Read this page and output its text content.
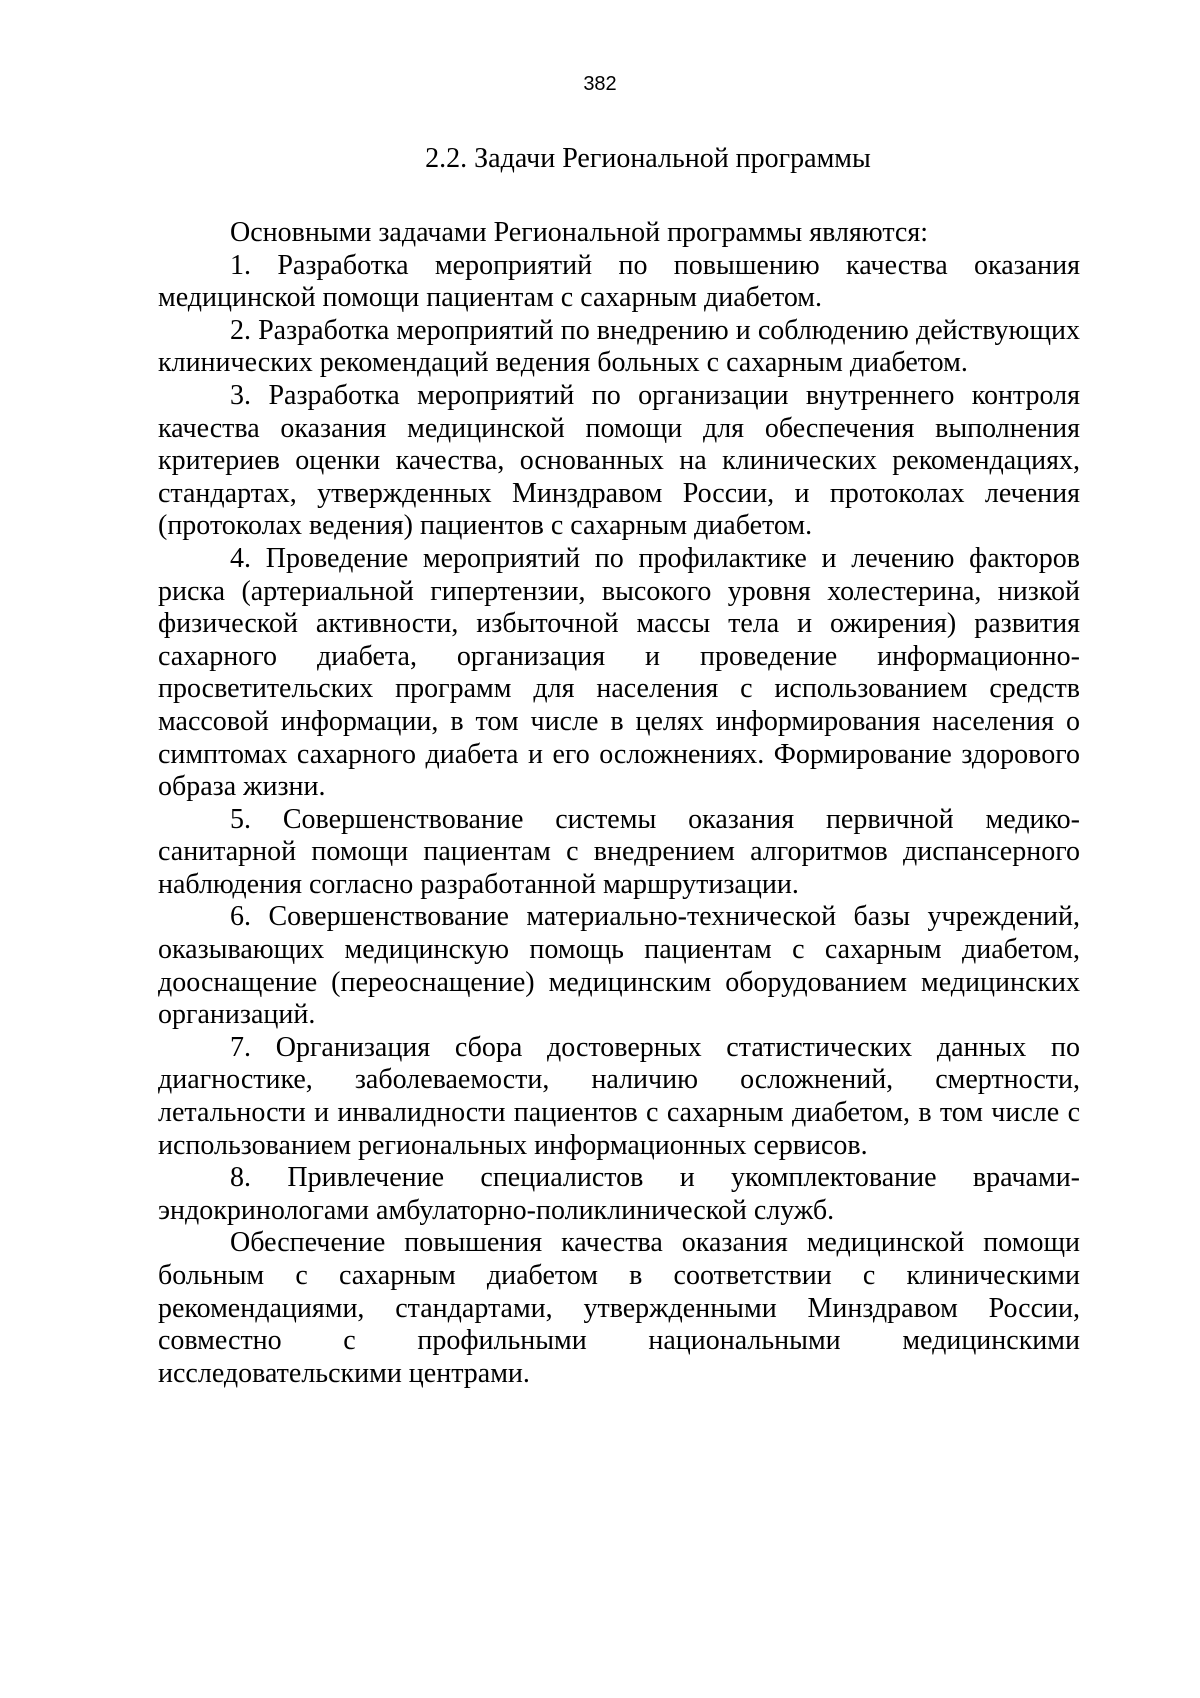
382
2.2. Задачи Региональной программы

Основными задачами Региональной программы являются:

1. Разработка мероприятий по повышению качества оказания медицинской помощи пациентам с сахарным диабетом.

2. Разработка мероприятий по внедрению и соблюдению действующих клинических рекомендаций ведения больных с сахарным диабетом.

3. Разработка мероприятий по организации внутреннего контроля качества оказания медицинской помощи для обеспечения выполнения критериев оценки качества, основанных на клинических рекомендациях, стандартах, утвержденных Минздравом России, и протоколах лечения (протоколах ведения) пациентов с сахарным диабетом.

4. Проведение мероприятий по профилактике и лечению факторов риска (артериальной гипертензии, высокого уровня холестерина, низкой физической активности, избыточной массы тела и ожирения) развития сахарного диабета, организация и проведение информационно-просветительских программ для населения с использованием средств массовой информации, в том числе в целях информирования населения о симптомах сахарного диабета и его осложнениях. Формирование здорового образа жизни.

5. Совершенствование системы оказания первичной медико-санитарной помощи пациентам с внедрением алгоритмов диспансерного наблюдения согласно разработанной маршрутизации.

6. Совершенствование материально-технической базы учреждений, оказывающих медицинскую помощь пациентам с сахарным диабетом, дооснащение (переоснащение) медицинским оборудованием медицинских организаций.

7. Организация сбора достоверных статистических данных по диагностике, заболеваемости, наличию осложнений, смертности, летальности и инвалидности пациентов с сахарным диабетом, в том числе с использованием региональных информационных сервисов.

8. Привлечение специалистов и укомплектование врачами-эндокринологами амбулаторно-поликлинической служб.

Обеспечение повышения качества оказания медицинской помощи больным с сахарным диабетом в соответствии с клиническими рекомендациями, стандартами, утвержденными Минздравом России, совместно с профильными национальными медицинскими исследовательскими центрами.
